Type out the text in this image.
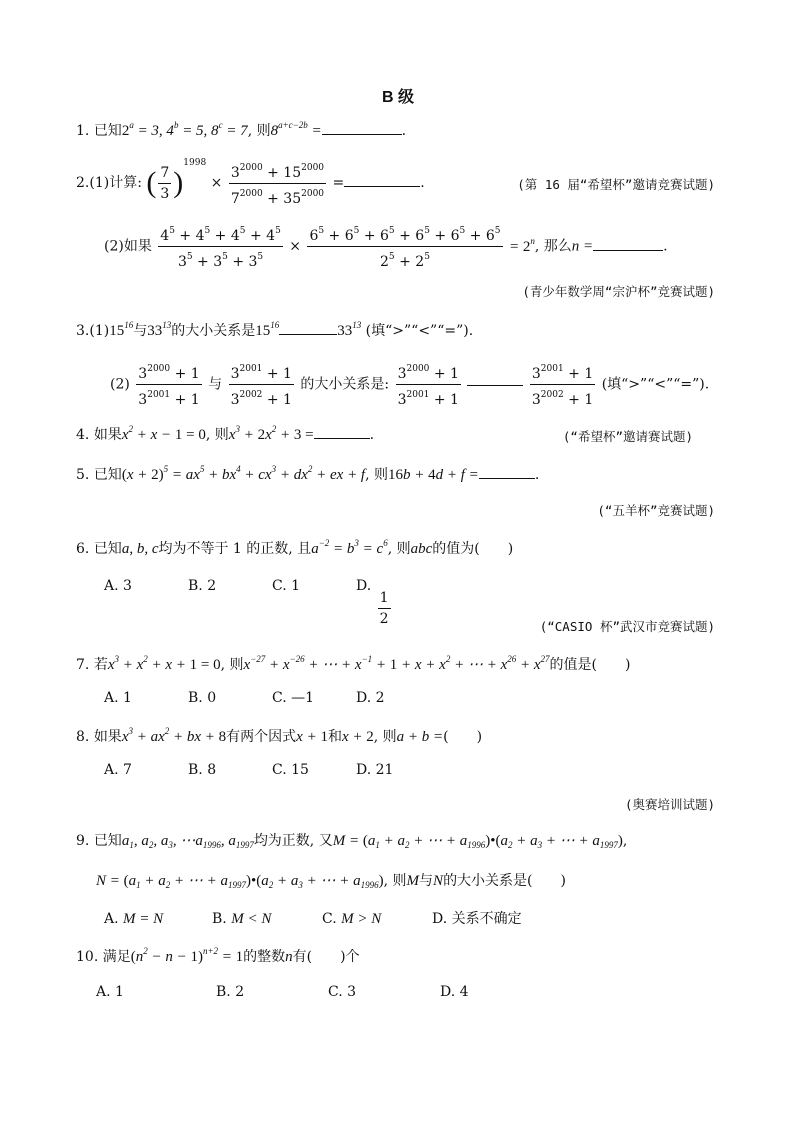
B 级
1. 已知$2^a = 3$, $4^b = 5$, $8^c = 7$, 则$8^{a+c-2b}$ =	.
2.(1)计算: ( $\frac{7}{3} )^{1998} \times \frac{3^{2000} + 15^{2000}}{7^{2000} + 35^{2000}}$ =	.	(第 16 届“希望杯”邀请竞赛试题)
(2)如果 $\frac{4^5 + 4^5 + 4^5 + 4^5}{3^5 + 3^5 + 3^5} \times \frac{6^5 + 6^5 + 6^5 + 6^5 + 6^5 + 6^5}{2^5 + 2^5} = 2^n$, 那么n =	.
(青少年数学周“宗沪杯”竞赛试题)
$3.(1)15^{16}$与$33^{13}$的大小关系是$15^{16}$	$33^{13}$ (填“>”“<”“=”).
$(2) \frac{3^{2000} + 1}{3^{2001} + 1}$ 与 $\frac{3^{2001} + 1}{3^{2002} + 1}$ 的大小关系是: $\frac{3^{2000} + 1}{3^{2001} + 1}$
	$\frac{3^{2001} + 1}{3^{2002} + 1}$ (填“>”“<”“=”).
4. 如果$x^2 + x - 1 = 0$, 则$x^3 + 2x^2 + 3$ =	.	(“希望杯”邀请赛试题)
5. 已知$(x + 2)^5 = ax^5 + bx^4 + cx^3 + dx^2$ + ex + f, 则16b + 4d + f =	.
(“五羊杯”竞赛试题)
6. 已知a, b, c均为不等于 1 的正数, 且$a^{-2} = b^3 = c^6$, 则abc的值为(　　)
A. 3	B. 2	C. 1	D.
$\frac{1}{2}$	(“CASIO 杯”武汉市竞赛试题)
7. 若$x^3 + x^2 + x + 1 = 0$, 则$x^{-27} + x^{-26}$ + ⋯ + $x^{-1} + 1 + x + x^2$ + ⋯ + $x^{26} + x^{27}$的值是(　　)
A. 1	B. 0	C. —1	D. 2
8. 如果$x^3 + ax^2$ + bx + 8有两个因式x + 1和x + 2, 则a + b =(　　)
A. 7	B. 8	C. 15	D. 21
(奥赛培训试题)
9. 已知$a_1$, $a_2$, $a_3$, $\cdots a_{1996}$, $a_{1997}$均为正数, 又$M = (a_1 + a_2$ + ⋯ + $a_{1996})•(a_2 + a_3$ + ⋯ + $a_{1997}$),
$N = (a_1 + a_2$ + ⋯ + $a_{1997})•(a_2 + a_3$ + ⋯ + $a_{1996}$), 则M与N的大小关系是(　　)
A. M = N	B. M < N	C. M > N	D. 关系不确定
10. 满足$(n^2 - n - 1)^{n+2} = 1$的整数n有(　　)个
A. 1	B. 2	C. 3	D. 4
